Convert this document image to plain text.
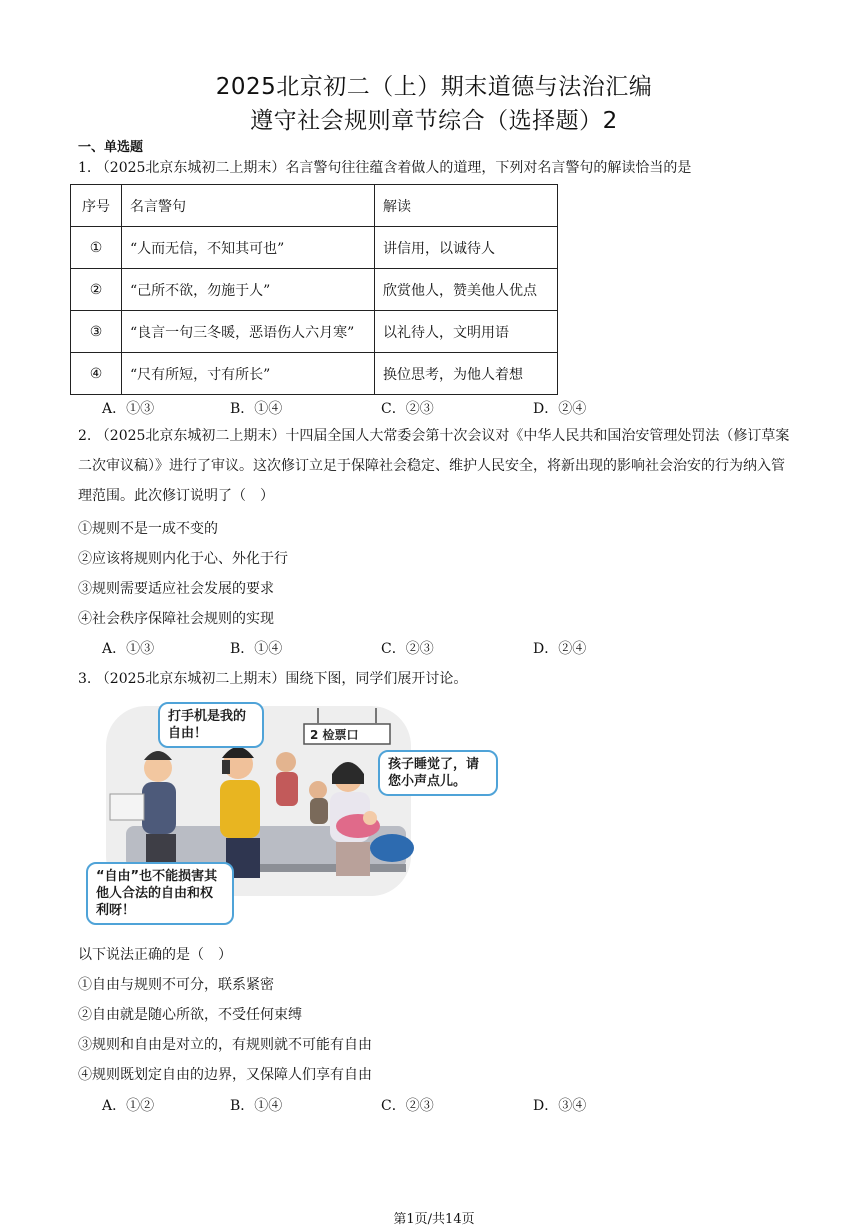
2025北京初二（上）期末道德与法治汇编
遵守社会规则章节综合（选择题）2
一、单选题
1. （2025北京东城初二上期末）名言警句往往蕴含着做人的道理，下列对名言警句的解读恰当的是
序号	名言警句	解读
①	“人而无信，不知其可也”	讲信用，以诚待人
②	“己所不欲，勿施于人”	欣赏他人，赞美他人优点
③	“良言一句三冬暖，恶语伤人六月寒”	以礼待人，文明用语
④	“尺有所短，寸有所长”	换位思考，为他人着想
A．①③	B．①④	C．②③	D．②④
2. （2025北京东城初二上期末）十四届全国人大常委会第十次会议对《中华人民共和国治安管理处罚法（修订草案二次审议稿）》进行了审议。这次修订立足于保障社会稳定、维护人民安全，将新出现的影响社会治安的行为纳入管理范围。此次修订说明了（　）
①规则不是一成不变的
②应该将规则内化于心、外化于行
③规则需要适应社会发展的要求
④社会秩序保障社会规则的实现
A．①③	B．①④	C．②③	D．②④
3. （2025北京东城初二上期末）围绕下图，同学们展开讨论。
2 检票口
打手机是我的自由！
孩子睡觉了，请您小声点儿。
“自由”也不能损害其他人合法的自由和权利呀！
以下说法正确的是（　）
①自由与规则不可分，联系紧密
②自由就是随心所欲，不受任何束缚
③规则和自由是对立的，有规则就不可能有自由
④规则既划定自由的边界，又保障人们享有自由
A．①②	B．①④	C．②③	D．③④
第1页/共14页
